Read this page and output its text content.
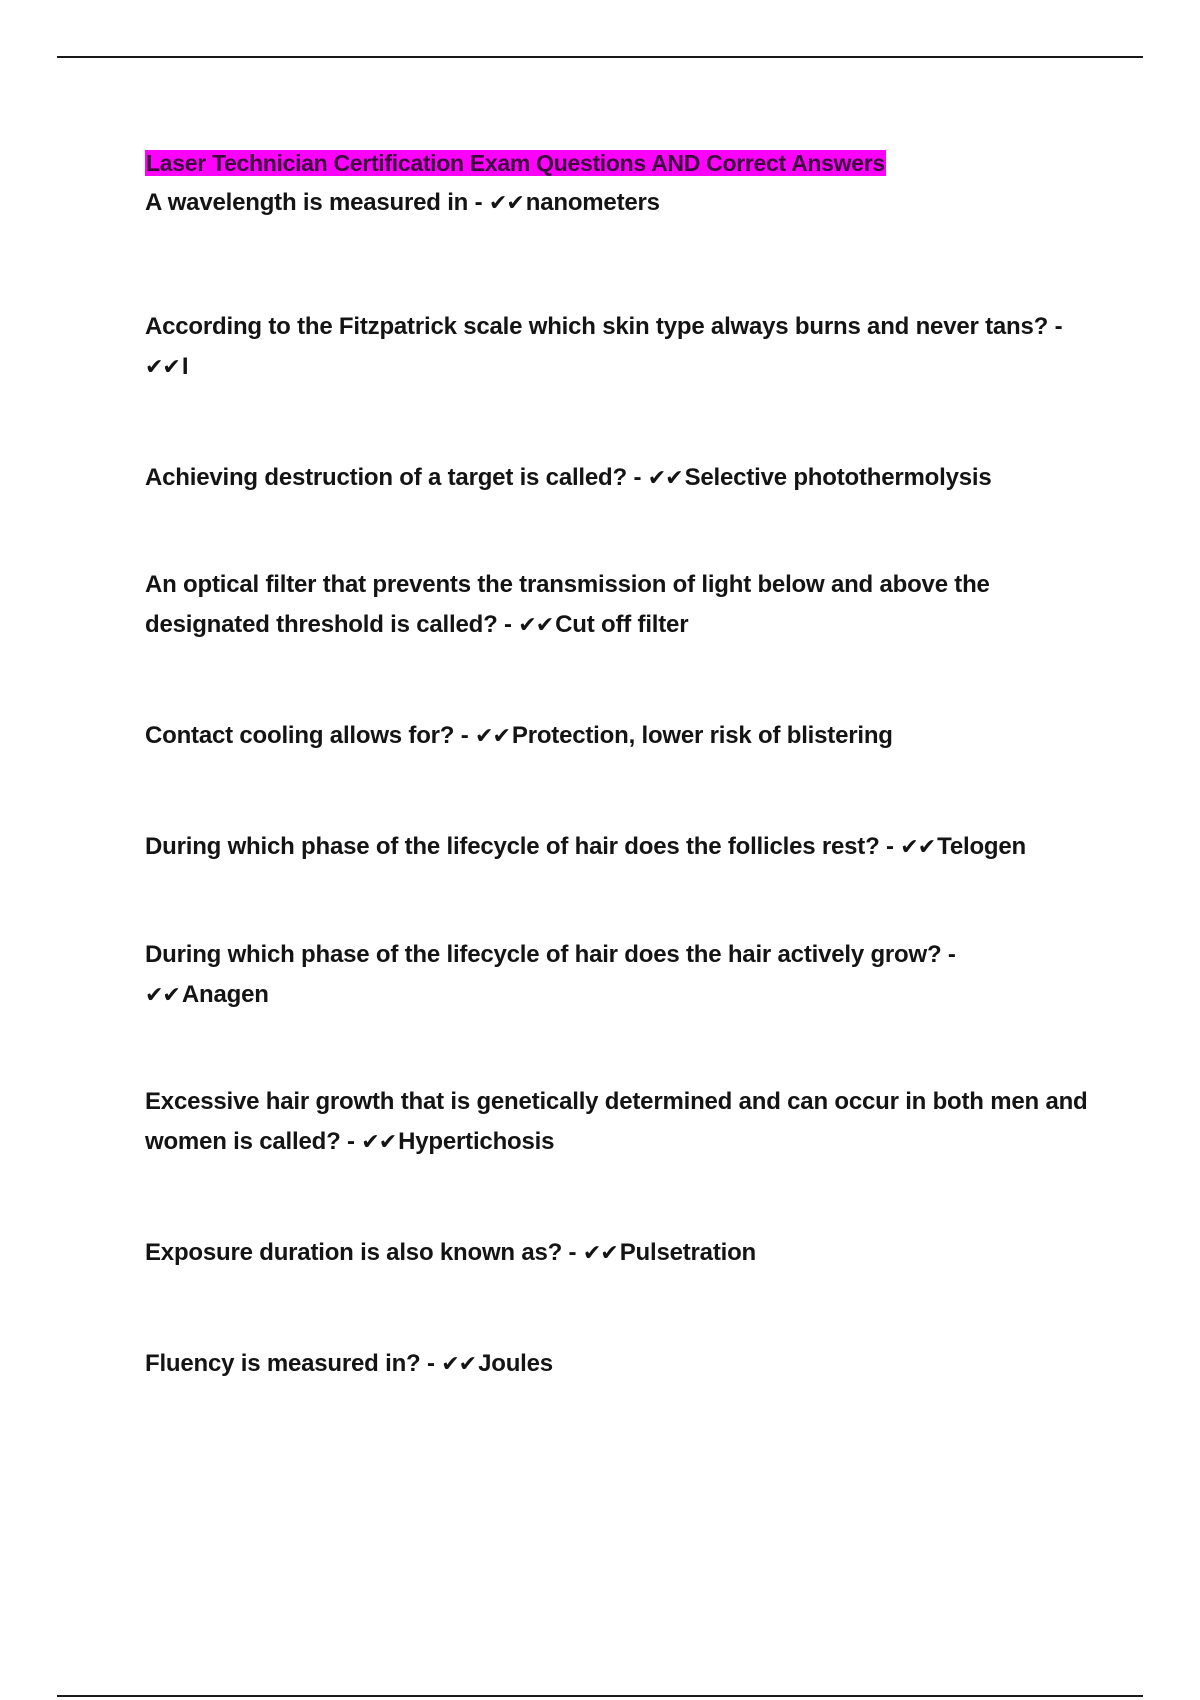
Laser Technician Certification Exam Questions AND Correct Answers
A wavelength is measured in - ✔✔nanometers
According to the Fitzpatrick scale which skin type always burns and never tans? -
✔✔I
Achieving destruction of a target is called? - ✔✔Selective photothermolysis
An optical filter that prevents the transmission of light below and above the designated threshold is called? - ✔✔Cut off filter
Contact cooling allows for? - ✔✔Protection, lower risk of blistering
During which phase of the lifecycle of hair does the follicles rest? - ✔✔Telogen
During which phase of the lifecycle of hair does the hair actively grow? -
✔✔Anagen
Excessive hair growth that is genetically determined and can occur in both men and women is called? - ✔✔Hypertichosis
Exposure duration is also known as? - ✔✔Pulsetration
Fluency is measured in? - ✔✔Joules
